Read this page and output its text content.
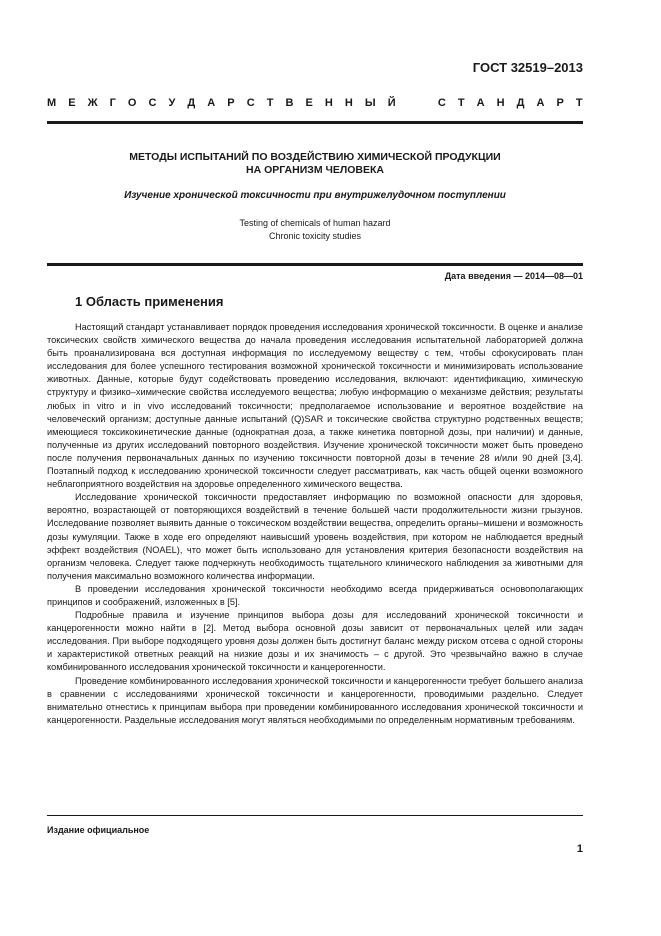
ГОСТ 32519–2013
М Е Ж Г О С У Д А Р С Т В Е Н Н Ы Й

	С Т А Н Д А Р Т
МЕТОДЫ ИСПЫТАНИЙ ПО ВОЗДЕЙСТВИЮ ХИМИЧЕСКОЙ ПРОДУКЦИИ
НА ОРГАНИЗМ ЧЕЛОВЕКА
Изучение хронической токсичности при внутрижелудочном поступлении
Testing of chemicals of human hazard
Chronic toxicity studies
Дата введения — 2014—08—01
1 Область применения

Настоящий стандарт устанавливает порядок проведения исследования хронической токсичности. В оценке и анализе токсических свойств химического вещества до начала проведения исследования испытательной лабораторией должна быть проанализирована вся доступная информация по исследуемому веществу с тем, чтобы сфокусировать план исследования для более успешного тестирования возможной хронической токсичности и минимизировать использование животных. Данные, которые будут содействовать проведению исследования, включают: идентификацию, химическую структуру и физико–химические свойства исследуемого вещества; любую информацию о механизме действия; результаты любых in vitro и in vivo исследований токсичности; предполагаемое использование и вероятное воздействие на человеческий организм; доступные данные испытаний (Q)SAR и токсические свойства структурно родственных веществ; имеющиеся токсикокинетические данные (однократная доза, а также кинетика повторной дозы, при наличии) и данные, полученные из других исследований повторного воздействия. Изучение хронической токсичности может быть проведено после получения первоначальных данных по изучению токсичности повторной дозы в течение 28 и/или 90 дней [3,4]. Поэтапный подход к исследованию хронической токсичности следует рассматривать, как часть общей оценки возможного неблагоприятного воздействия на здоровье определенного химического вещества.

Исследование хронической токсичности предоставляет информацию по возможной опасности для здоровья, вероятно, возрастающей от повторяющихся воздействий в течение большей части продолжительности жизни грызунов. Исследование позволяет выявить данные о токсическом воздействии вещества, определить органы–мишени и возможность дозы кумуляции. Также в ходе его определяют наивысший уровень воздействия, при котором не наблюдается вредный эффект воздействия (NOAEL), что может быть использовано для установления критерия безопасности воздействия на организм человека. Следует также подчеркнуть необходимость тщательного клинического наблюдения за животными для получения максимально возможного количества информации.

В проведении исследования хронической токсичности необходимо всегда придерживаться основополагающих принципов и соображений, изложенных в [5].

Подробные правила и изучение принципов выбора дозы для исследований хронической токсичности и канцерогенности можно найти в [2]. Метод выбора основной дозы зависит от первоначальных целей или задач исследования. При выборе подходящего уровня дозы должен быть достигнут баланс между риском отсева с одной стороны и характеристикой ответных реакций на низкие дозы и их значимость – с другой. Это чрезвычайно важно в случае комбинированного исследования хронической токсичности и канцерогенности.

Проведение комбинированного исследования хронической токсичности и канцерогенности требует большего анализа в сравнении с исследованиями хронической токсичности и канцерогенности, проводимыми раздельно. Следует внимательно отнестись к принципам выбора при проведении комбинированного исследования хронической токсичности и канцерогенности. Раздельные исследования могут являться необходимыми по определенным нормативным требованиям.

Издание официальное
1
